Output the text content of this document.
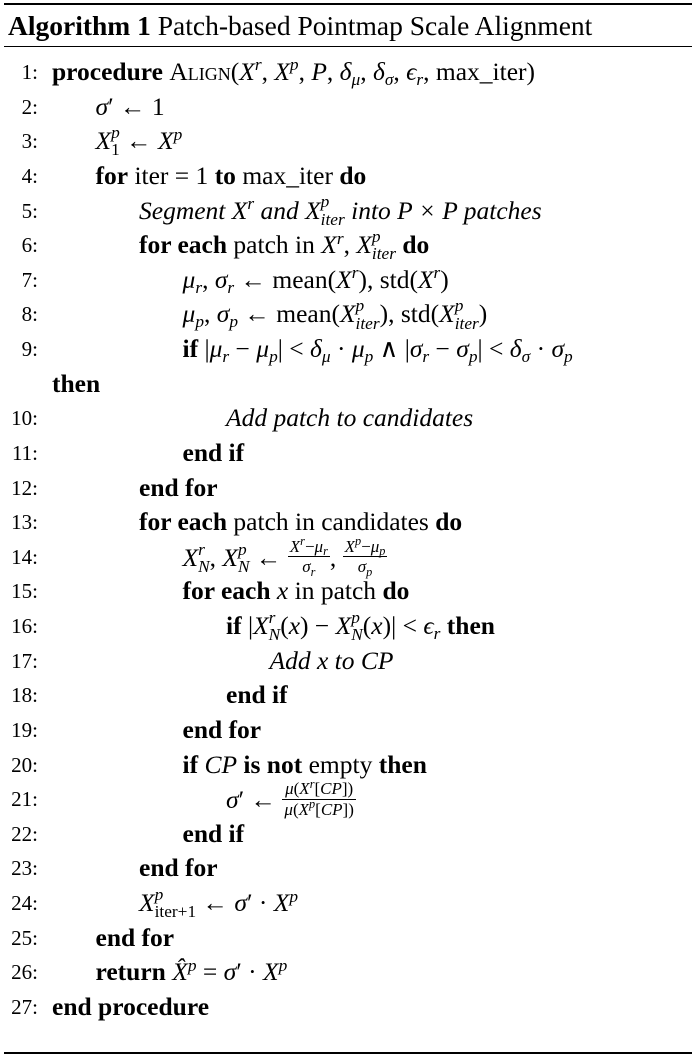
Algorithm 1 Patch-based Pointmap Scale Alignment
1: procedure $Align(X^r$, $X^p$, P, $\delta_\mu$, $\delta_\sigma$, $\epsilon_r$, max_iter)
2: σ′ ← 1
3: X p
1 ← $X^p$
4: for iter = 1 to max_iter do
5:	Segment $X^r$ and X p
iter into P × P patches
6:	for each patch in $X^r$, X p
iter do
7:	$\mu_r$, $\sigma_r$ ← $mean(X^r)$, $std(X^r)$
8:	$\mu_p$, $\sigma_p$ ← mean(X p
iter ), std(X p
iter )
9:	if $|\mu_r - \mu_p| < \delta_\mu \cdot \mu_p$ ∧ $|\sigma_r - \sigma_p| < \delta_\sigma \cdot \sigma_p$
then
10:	Add patch to candidates
11:	end if
12:	end for
13:	for each patch in candidates do
14:	X r
N , X p
N ← $\frac{X^r-\mu_r}{\sigma_r}$ , $\frac{X^p-\mu_p}{\sigma_p}$
15:	for each x in patch do
16:	if |X r
N (x) − X p
N $(x)| < \epsilon_r$ then
17:	Add x to CP
18:	end if
19:	end for
20:	if CP is not empty then
21:	σ′ ← $\frac{\mu(X^r[CP])}{\mu(X^p[CP])}$
22:	end if
23:	end for
24:	X p
iter+1 ← $\sigma' \cdot X^p$
25: end for
26: return X̂$^p$ = $\sigma' \cdot X^p$
27: end procedure
